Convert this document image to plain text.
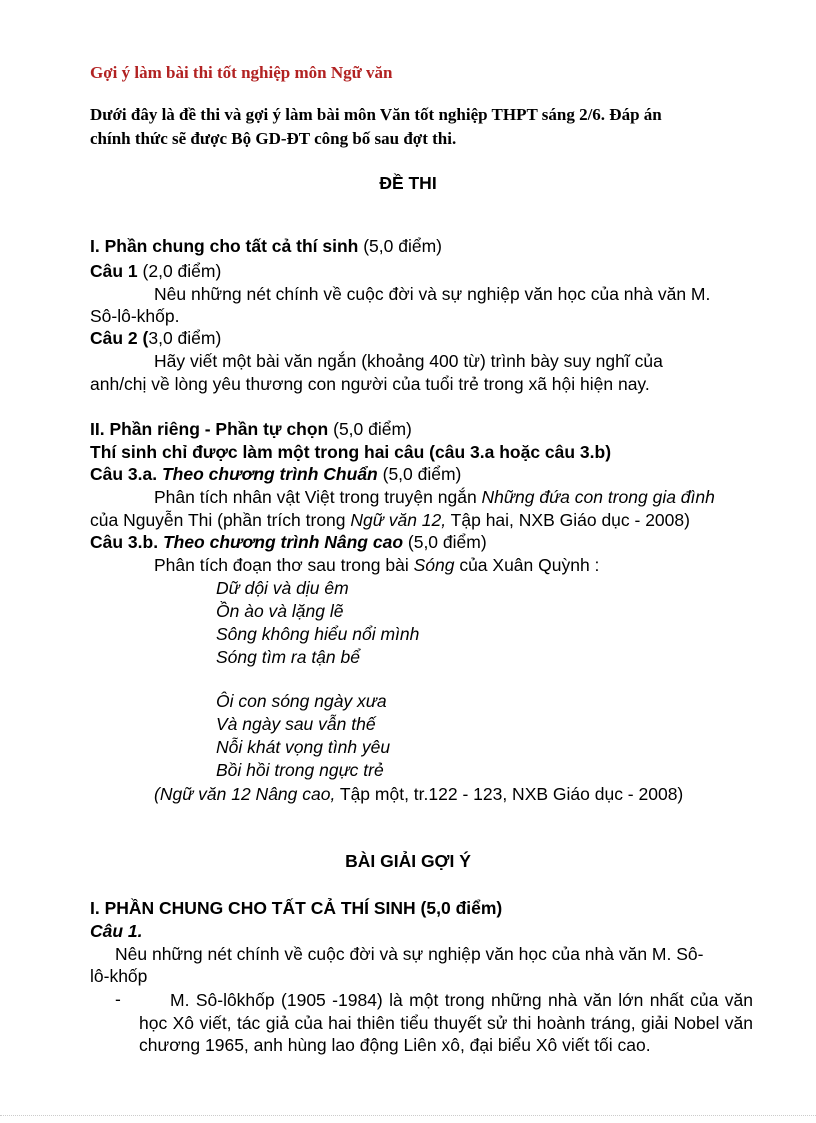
Gợi ý làm bài thi tốt nghiệp môn Ngữ văn
Dưới đây là đề thi và gợi ý làm bài môn Văn tốt nghiệp THPT sáng 2/6. Đáp án
chính thức sẽ được Bộ GD-ĐT công bố sau đợt thi.
ĐỀ THI
I. Phần chung cho tất cả thí sinh (5,0 điểm)
Câu 1 (2,0 điểm)
Nêu những nét chính về cuộc đời và sự nghiệp văn học của nhà văn M.
Sô-lô-khốp.
Câu 2 (3,0 điểm)
Hãy viết một bài văn ngắn (khoảng 400 từ) trình bày suy nghĩ của
anh/chị về lòng yêu thương con người của tuổi trẻ trong xã hội hiện nay.
II. Phần riêng - Phần tự chọn (5,0 điểm)
Thí sinh chỉ được làm một trong hai câu (câu 3.a hoặc câu 3.b)
Câu 3.a. Theo chương trình Chuẩn (5,0 điểm)
Phân tích nhân vật Việt trong truyện ngắn Những đứa con trong gia đình
của Nguyễn Thi (phần trích trong Ngữ văn 12, Tập hai, NXB Giáo dục - 2008)
Câu 3.b. Theo chương trình Nâng cao (5,0 điểm)
Phân tích đoạn thơ sau trong bài Sóng của Xuân Quỳnh :
Dữ dội và dịu êm
Ồn ào và lặng lẽ
Sông không hiểu nổi mình
Sóng tìm ra tận bể
Ôi con sóng ngày xưa
Và ngày sau vẫn thế
Nỗi khát vọng tình yêu
Bồi hồi trong ngực trẻ
(Ngữ văn 12 Nâng cao, Tập một, tr.122 - 123, NXB Giáo dục - 2008)
BÀI GIẢI GỢI Ý
I. PHẦN CHUNG CHO TẤT CẢ THÍ SINH (5,0 điểm)
Câu 1.
Nêu những nét chính về cuộc đời và sự nghiệp văn học của nhà văn M. Sô-
lô-khốp
-	M. Sô-lôkhốp (1905 -1984) là một trong những nhà văn lớn nhất của văn học Xô viết, tác giả của hai thiên tiểu thuyết sử thi hoành tráng, giải Nobel văn chương 1965, anh hùng lao động Liên xô, đại biểu Xô viết tối cao.
